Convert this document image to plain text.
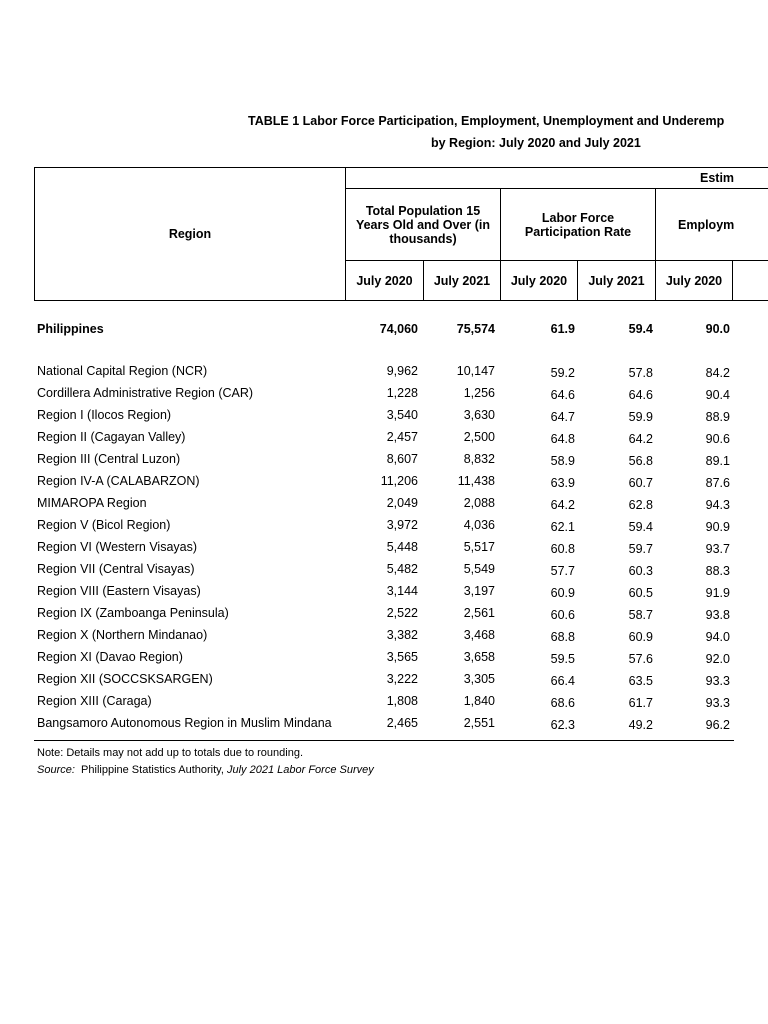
TABLE 1 Labor Force Participation, Employment, Unemployment and Underemp
by Region: July 2020 and July 2021
Region
Estim
Total Population 15 Years Old and Over (in thousands)
Labor Force Participation Rate	Employm
July 2020	July 2021	July 2020	July 2021	July 2020
Philippines	74,060	75,574	61.9	59.4	90.0
National Capital Region (NCR)	9,962	10,147	59.2	57.8	84.2
Cordillera Administrative Region (CAR)	1,228	1,256	64.6	64.6	90.4
Region I (Ilocos Region)	3,540	3,630	64.7	59.9	88.9
Region II (Cagayan Valley)	2,457	2,500	64.8	64.2	90.6
Region III (Central Luzon)	8,607	8,832	58.9	56.8	89.1
Region IV-A (CALABARZON)	11,206	11,438	63.9	60.7	87.6
MIMAROPA Region	2,049	2,088	64.2	62.8	94.3
Region V (Bicol Region)	3,972	4,036	62.1	59.4	90.9
Region VI (Western Visayas)	5,448	5,517	60.8	59.7	93.7
Region VII (Central Visayas)	5,482	5,549	57.7	60.3	88.3
Region VIII (Eastern Visayas)	3,144	3,197	60.9	60.5	91.9
Region IX (Zamboanga Peninsula)	2,522	2,561	60.6	58.7	93.8
Region X (Northern Mindanao)	3,382	3,468	68.8	60.9	94.0
Region XI (Davao Region)	3,565	3,658	59.5	57.6	92.0
Region XII (SOCCSKSARGEN)	3,222	3,305	66.4	63.5	93.3
Region XIII (Caraga)	1,808	1,840	68.6	61.7	93.3
Bangsamoro Autonomous Region in Muslim Mindana	2,465	2,551	62.3	49.2	96.2
Note: Details may not add up to totals due to rounding.
Source: Philippine Statistics Authority, July 2021 Labor Force Survey
